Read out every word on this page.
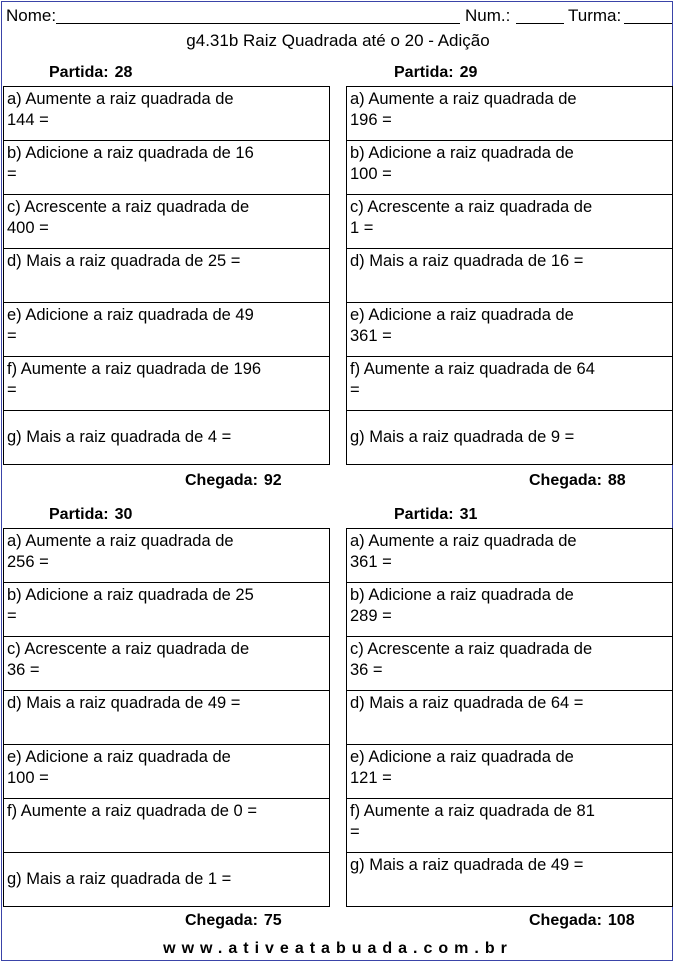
Nome:	Num.:	Turma:
g4.31b Raiz Quadrada até o 20 - Adição
Partida: 28
a) Aumente a raiz quadrada de 144 =
b) Adicione a raiz quadrada de 16 =
c) Acrescente a raiz quadrada de 400 =
d) Mais a raiz quadrada de 25 =
e) Adicione a raiz quadrada de 49 =
f) Aumente a raiz quadrada de 196 =
g) Mais a raiz quadrada de 4 =
Chegada: 92
Partida: 29
a) Aumente a raiz quadrada de 196 =
b) Adicione a raiz quadrada de 100 =
c) Acrescente a raiz quadrada de 1 =
d) Mais a raiz quadrada de 16 =
e) Adicione a raiz quadrada de 361 =
f) Aumente a raiz quadrada de 64 =
g) Mais a raiz quadrada de 9 =
Chegada: 88
Partida: 30
a) Aumente a raiz quadrada de 256 =
b) Adicione a raiz quadrada de 25 =
c) Acrescente a raiz quadrada de 36 =
d) Mais a raiz quadrada de 49 =
e) Adicione a raiz quadrada de 100 =
f) Aumente a raiz quadrada de 0 =
g) Mais a raiz quadrada de 1 =
Chegada: 75
Partida: 31
a) Aumente a raiz quadrada de 361 =
b) Adicione a raiz quadrada de 289 =
c) Acrescente a raiz quadrada de 36 =
d) Mais a raiz quadrada de 64 =
e) Adicione a raiz quadrada de 121 =
f) Aumente a raiz quadrada de 81 =
g) Mais a raiz quadrada de 49 =
Chegada: 108
www.ativeatabuada.com.br
